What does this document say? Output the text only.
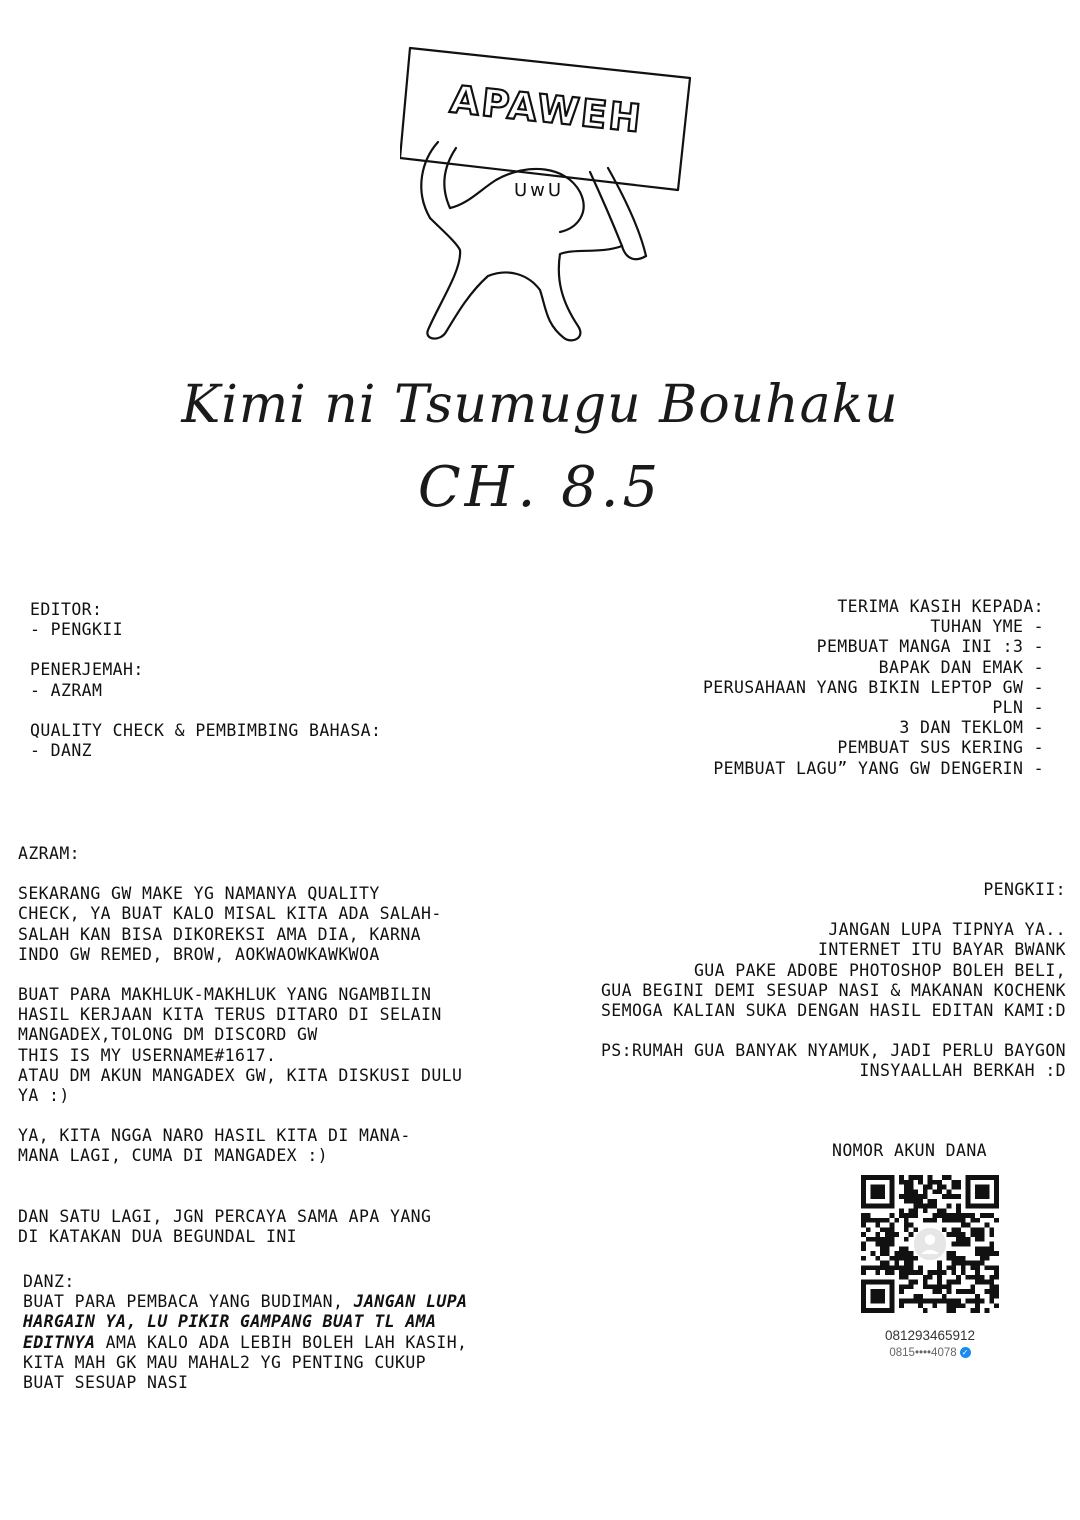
UwU
APAWEH
Kimi ni Tsumugu Bouhaku
CH. 8.5

EDITOR:

- PENGKII

PENERJEMAH:

- AZRAM

QUALITY CHECK & PEMBIMBING BAHASA:

- DANZ

TERIMA KASIH KEPADA:

TUHAN YME -

PEMBUAT MANGA INI :3 -

BAPAK DAN EMAK -

PERUSAHAAN YANG BIKIN LEPTOP GW -

PLN -

3 DAN TEKLOM -

PEMBUAT SUS KERING -

PEMBUAT LAGU” YANG GW DENGERIN -

AZRAM:

SEKARANG GW MAKE YG NAMANYA QUALITY

CHECK, YA BUAT KALO MISAL KITA ADA SALAH-

SALAH KAN BISA DIKOREKSI AMA DIA, KARNA

INDO GW REMED, BROW, AOKWAOWKAWKWOA

BUAT PARA MAKHLUK-MAKHLUK YANG NGAMBILIN

HASIL KERJAAN KITA TERUS DITARO DI SELAIN

MANGADEX,TOLONG DM DISCORD GW

THIS IS MY USERNAME#1617.

ATAU DM AKUN MANGADEX GW, KITA DISKUSI DULU

YA :)

YA, KITA NGGA NARO HASIL KITA DI MANA-

MANA LAGI, CUMA DI MANGADEX :)

DAN SATU LAGI, JGN PERCAYA SAMA APA YANG

DI KATAKAN DUA BEGUNDAL INI

PENGKII:

JANGAN LUPA TIPNYA YA..

INTERNET ITU BAYAR BWANK

GUA PAKE ADOBE PHOTOSHOP BOLEH BELI,

GUA BEGINI DEMI SESUAP NASI & MAKANAN KOCHENK

SEMOGA KALIAN SUKA DENGAN HASIL EDITAN KAMI:D

PS:RUMAH GUA BANYAK NYAMUK, JADI PERLU BAYGON

INSYAALLAH BERKAH :D

DANZ:

BUAT PARA PEMBACA YANG BUDIMAN, JANGAN LUPA

HARGAIN YA, LU PIKIR GAMPANG BUAT TL AMA

EDITNYA AMA KALO ADA LEBIH BOLEH LAH KASIH,

KITA MAH GK MAU MAHAL2 YG PENTING CUKUP

BUAT SESUAP NASI

NOMOR AKUN DANA
081293465912
0815••••4078 ✓
